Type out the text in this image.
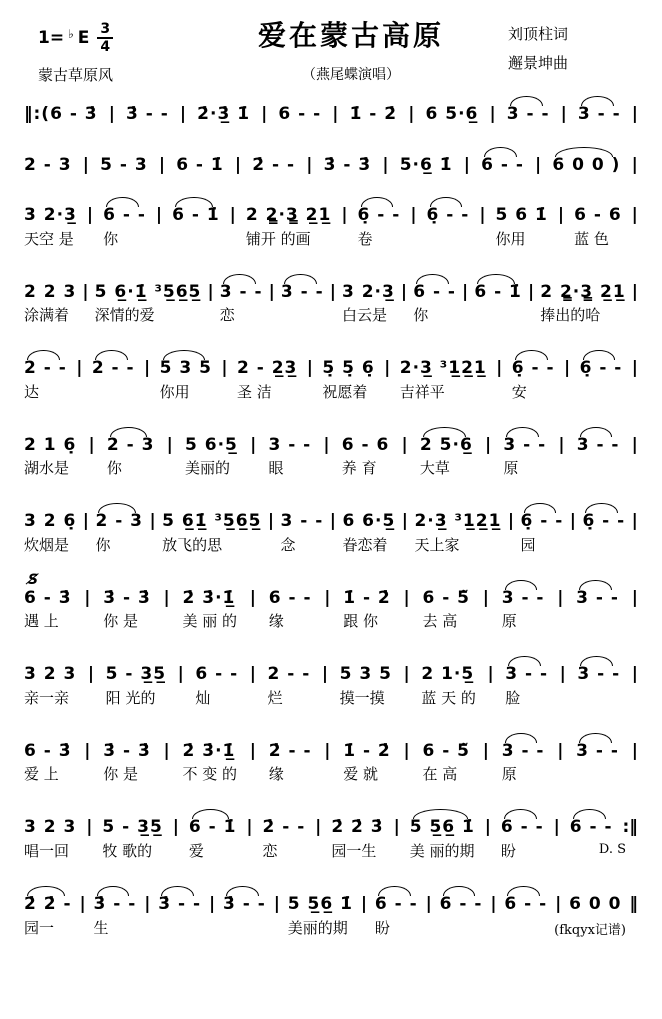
1= ♭ E $\frac{3}{4}$
蒙古草原风
爱在蒙古高原
（燕尾蝶演唱）
刘顶柱词
邂景坤曲
‖:(6 - 3̇ | 3̇ - - | 2̇·3̲̇ 1̇ | 6 - - | 1̇ - 2̇ | 6 5·6̲ | 3 - - | 3 - - |
2 - 3 | 5 - 3 | 6 - 1̇ | 2̇ - - | 3̇ - 3̇ | 5·6̲ 1̇ | 6 - - | 6 0 0 ) |
3 2·3̲
天空 是
| 6 - -
你
| 6 - 1̇ | 2 2̳·3̳ 2̲1̲
铺开 的画
| 6̣ - -
卷
| 6̣ - - | 5 6 1̇
你用
| 6 - 6
蓝 色
|
2 2 3
涂满着
| 5 6̲·1̲̇ ³5̲6̲5̲
深情的爱
| 3 - -
恋
| 3 - - | 3 2·3̲
白云是
| 6 - -
你
| 6 - 1̇ | 2 2̳·3̳ 2̲1̲
捧出的哈
|
2 - -
达
| 2 - - | 5 3 5
你用
| 2 - 2̲3̲
圣 洁
| 5̣ 5̣ 6̣
祝愿着
| 2·3̲ ³1̲2̲1̲
吉祥平
| 6̣ - -
安
| 6̣ - - |
2 1 6̣
湖水是
| 2 - 3
你
| 5 6·5̲
美丽的
| 3 - -
眼
| 6 - 6
养 育
| 2 5·6̲
大草
| 3 - -
原
| 3 - - |
3 2 6̣
炊烟是
| 2 - 3
你
| 5 6̲1̲̇ ³5̲6̲5̲
放飞的思
| 3 - -
念
| 6 6·5̲
眷恋着
| 2·3̲ ³1̲2̲1̲
天上家
| 6̣ - -
园
| 6̣ - - |
S̸
6 - 3̇
遇 上
| 3̇ - 3̇
你 是
| 2̇ 3̇·1̲̇
美 丽 的
| 6 - -
缘
| 1̇ - 2̇
跟 你
| 6 - 5̃
去 高
| 3 - -
原
| 3 - - |
3 2 3
亲一亲
| 5 - 3̲5̲
阳 光的
| 6 - -
灿
| 2 - -
烂
| 5 3 5
摸一摸
| 2 1·5̲
蓝 天 的
| 3 - -
脸
| 3 - - |
6 - 3̇
爱 上
| 3̇ - 3̇
你 是
| 2̇ 3̇·1̲̇
不 变 的
| 2̇ - -
缘
| 1̇ - 2̇
爱 就
| 6 - 5̃
在 高
| 3 - -
原
| 3 - - |
3 2 3
唱一回
| 5 - 3̲5̲
牧 歌的
| 6 - 1̇
爱
| 2̇ - -
恋
| 2̇ 2̇ 3̇
园一生
| 5 5̲6̲ 1̇
美 丽的期
| 6 - -
盼
| 6 - - :‖
D. S
2̇ 2̇ -
园一
| 3̇ - -
生
| 3̇ - - | 3̇ - - | 5 5̲6̲ 1̇
美丽的期
| 6 - -
盼
| 6 - - | 6 - - | 6 0 0 ‖
(fkqyx记谱)
